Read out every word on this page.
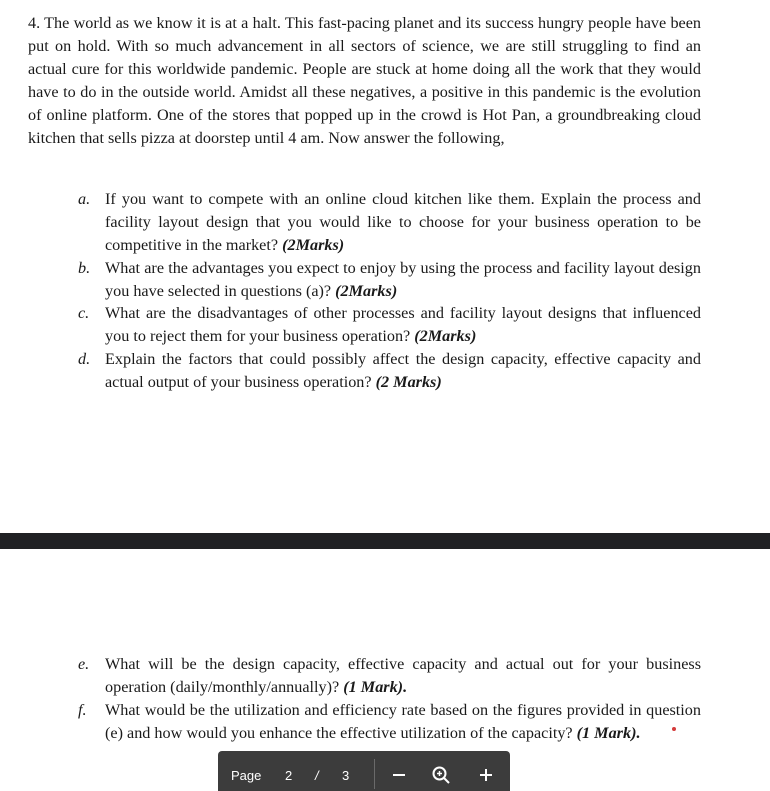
4. The world as we know it is at a halt. This fast-pacing planet and its success hungry people have been put on hold. With so much advancement in all sectors of science, we are still struggling to find an actual cure for this worldwide pandemic. People are stuck at home doing all the work that they would have to do in the outside world. Amidst all these negatives, a positive in this pandemic is the evolution of online platform. One of the stores that popped up in the crowd is Hot Pan, a groundbreaking cloud kitchen that sells pizza at doorstep until 4 am. Now answer the following,

a. If you want to compete with an online cloud kitchen like them. Explain the process and facility layout design that you would like to choose for your business operation to be competitive in the market? (2Marks)

b. What are the advantages you expect to enjoy by using the process and facility layout design you have selected in questions (a)? (2Marks)

c. What are the disadvantages of other processes and facility layout designs that influenced you to reject them for your business operation? (2Marks)

d. Explain the factors that could possibly affect the design capacity, effective capacity and actual output of your business operation? (2 Marks)

e. What will be the design capacity, effective capacity and actual out for your business operation (daily/monthly/annually)? (1 Mark).

f. What would be the utilization and efficiency rate based on the figures provided in question (e) and how would you enhance the effective utilization of the capacity? (1 Mark).

Page 2 / 3
